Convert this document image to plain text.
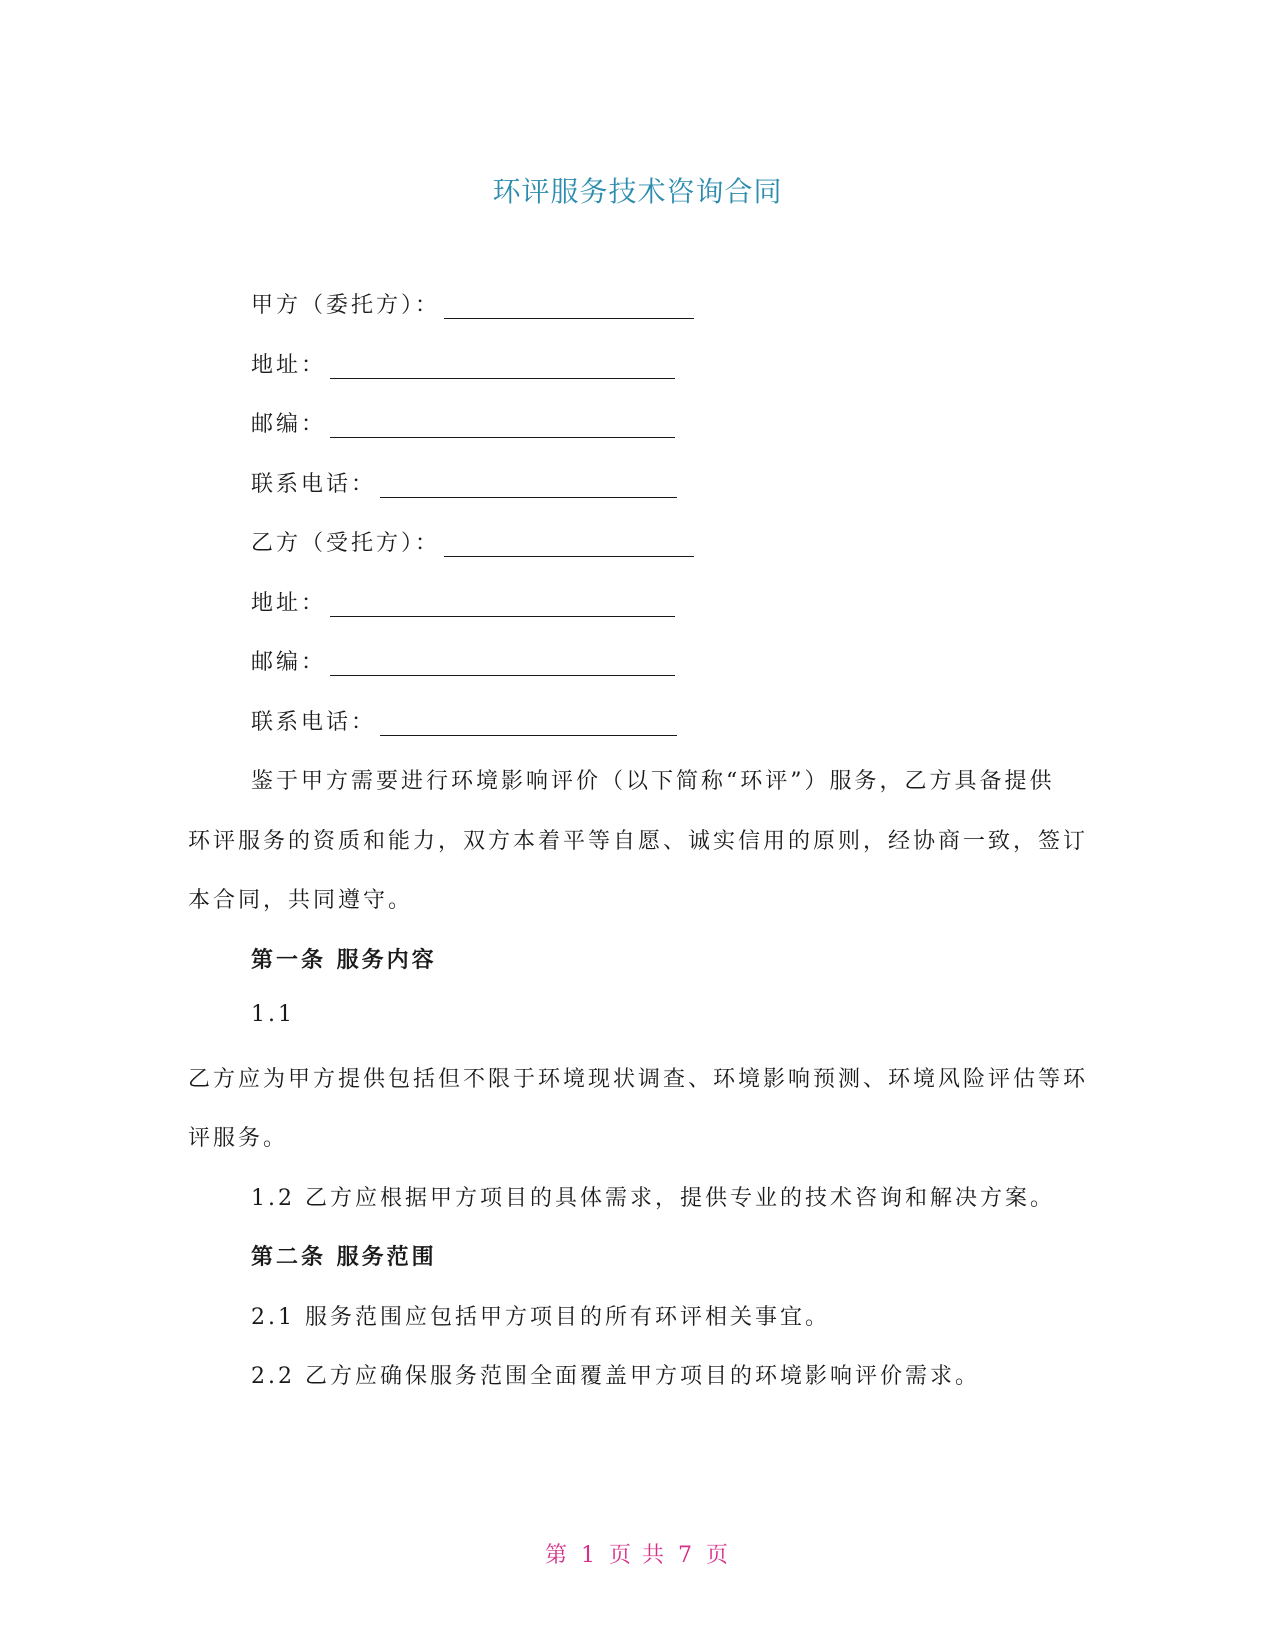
环评服务技术咨询合同
甲方（委托方）：
地址：
邮编：
联系电话：
乙方（受托方）：
地址：
邮编：
联系电话：
鉴于甲方需要进行环境影响评价（以下简称“环评”）服务，乙方具备提供
环评服务的资质和能力，双方本着平等自愿、诚实信用的原则，经协商一致，签订
本合同，共同遵守。
第一条 服务内容
1.1
乙方应为甲方提供包括但不限于环境现状调查、环境影响预测、环境风险评估等环
评服务。
1.2 乙方应根据甲方项目的具体需求，提供专业的技术咨询和解决方案。
第二条 服务范围
2.1 服务范围应包括甲方项目的所有环评相关事宜。
2.2 乙方应确保服务范围全面覆盖甲方项目的环境影响评价需求。
第 1 页 共 7 页
